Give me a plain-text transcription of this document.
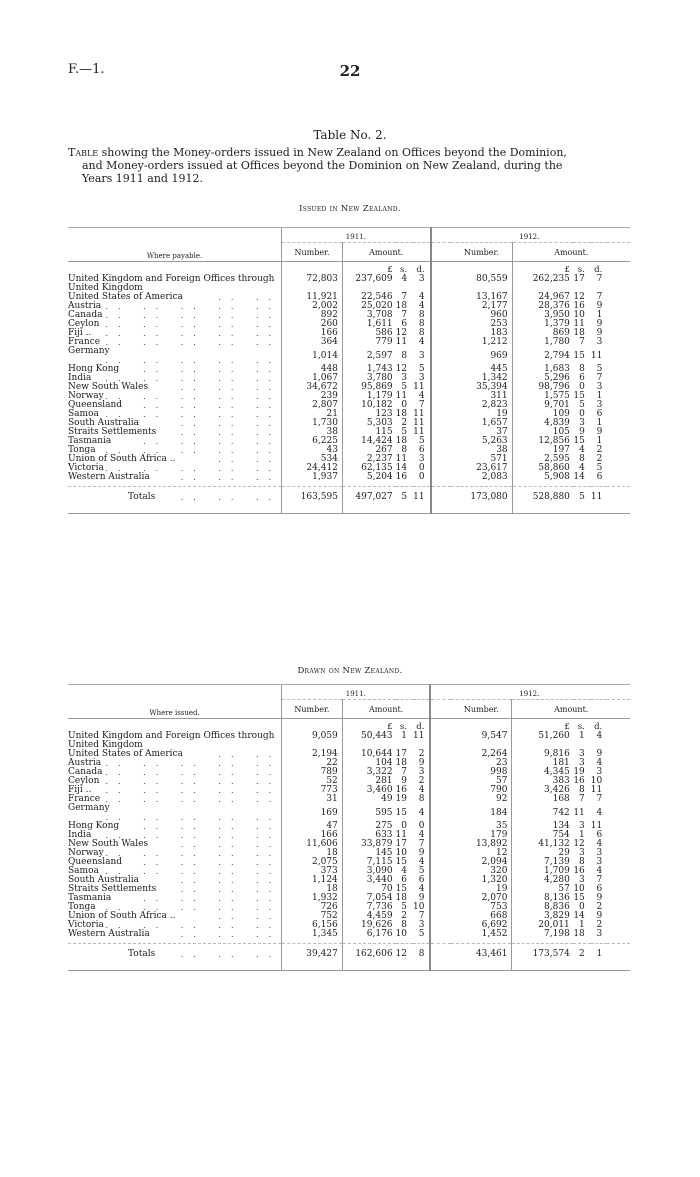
F.—1.	22
Table No. 2.
Table showing the Money-orders issued in New Zealand on Offices beyond the Dominion,
and Money-orders issued at Offices beyond the Dominion on New Zealand, during the
Years 1911 and 1912.
Issued in New Zealand.
Where payable.	1911.					1912.				
	Number.	Amount.				Number.	Amount.			
		£	s.	d.			£	s.	d.	
United Kingdom and Foreign Offices through	72,803	237,609	4	3		80,559	262,235	17	7	
United Kingdom										
United States of America .. ..	11,921	22,546	7	4		13,167	24,967	12	7	
Austria .. .. .. .. ..	2,002	25,020	18	4		2,177	28,376	16	9	
Canada .. .. .. .. ..	892	3,708	7	8		960	3,950	10	1	
Ceylon .. .. .. .. ..	260	1,611	6	8		253	1,379	11	9	
Fiji .. .. .. .. .. ..	166	586	12	8		183	869	18	9	
France .. .. .. .. ..	364	779	11	4		1,212	1,780	7	3	
Germany
.. .. .. .. ..	1,014	2,597	8	3		969	2,794	15	11	
Hong Kong .. .. .. ..	448	1,743	12	5		445	1,683	8	5	
India .. .. .. .. ..	1,067	3,780	3	3		1,342	5,296	6	7	
New South Wales .. .. ..	34,672	95,869	5	11		35,394	98,796	0	3	
Norway .. .. .. .. ..	239	1,179	11	4		311	1,575	15	1	
Queensland .. .. .. ..	2,807	10,182	0	7		2,823	9,701	5	3	
Samoa .. .. .. .. ..	21	123	18	11		19	109	0	6	
South Australia .. .. ..	1,730	5,303	2	11		1,657	4,839	3	1	
Straits Settlements .. .. ..	38	115	5	11		37	105	9	9	
Tasmania .. .. .. ..	6,225	14,424	18	5		5,263	12,856	15	1	
Tonga .. .. .. .. ..	43	267	8	6		38	197	4	2	
Union of South Africa .. .. ..	534	2,237	11	3		571	2,595	8	2	
Victoria .. .. .. .. ..	24,412	62,135	14	0		23,617	58,860	4	5	
Western Australia .. .. ..	1,937	5,204	16	0		2,083	5,908	14	6	

Totals .. .. ..	163,595	497,027	5	11		173,080	528,880	5	11	

Drawn on New Zealand.
Where issued.	1911.					1912.				
	Number.	Amount.				Number.	Amount.			
		£	s.	d.			£	s.	d.	
United Kingdom and Foreign Offices through	9,059	50,443	1	11		9,547	51,260	1	4	
United Kingdom										
United States of America .. ..	2,194	10,644	17	2		2,264	9,816	3	9	
Austria .. .. .. .. ..	22	104	18	9		23	181	3	4	
Canada .. .. .. .. ..	789	3,322	7	3		998	4,345	19	3	
Ceylon .. .. .. .. ..	52	281	9	2		57	383	16	10	
Fiji .. .. .. .. .. ..	773	3,460	16	4		790	3,426	8	11	
France .. .. .. .. ..	31	49	19	8		92	168	7	7	
Germany
.. .. .. .. ..	169	595	15	4		184	742	11	4	
Hong Kong .. .. .. ..	47	275	0	0		35	134	3	11	
India .. .. .. .. ..	166	633	11	4		179	754	1	6	
New South Wales .. .. ..	11,606	33,879	17	7		13,892	41,132	12	4	
Norway .. .. .. .. ..	18	145	10	9		12	29	3	3	
Queensland .. .. .. ..	2,075	7,115	15	4		2,094	7,139	8	3	
Samoa .. .. .. .. ..	373	3,090	4	5		320	1,709	16	4	
South Australia .. .. ..	1,124	3,440	6	6		1,320	4,280	3	7	
Straits Settlements .. .. ..	18	70	15	4		19	57	10	6	
Tasmania .. .. .. ..	1,932	7,054	18	9		2,070	8,136	15	9	
Tonga .. .. .. .. ..	726	7,736	5	10		753	8,836	0	2	
Union of South Africa .. .. ..	752	4,459	2	7		668	3,829	14	9	
Victoria .. .. .. .. ..	6,156	19,626	8	3		6,692	20,011	1	2	
Western Australia .. .. ..	1,345	6,176	10	5		1,452	7,198	18	3	

Totals .. .. ..	39,427	162,606	12	8		43,461	173,574	2	1	
